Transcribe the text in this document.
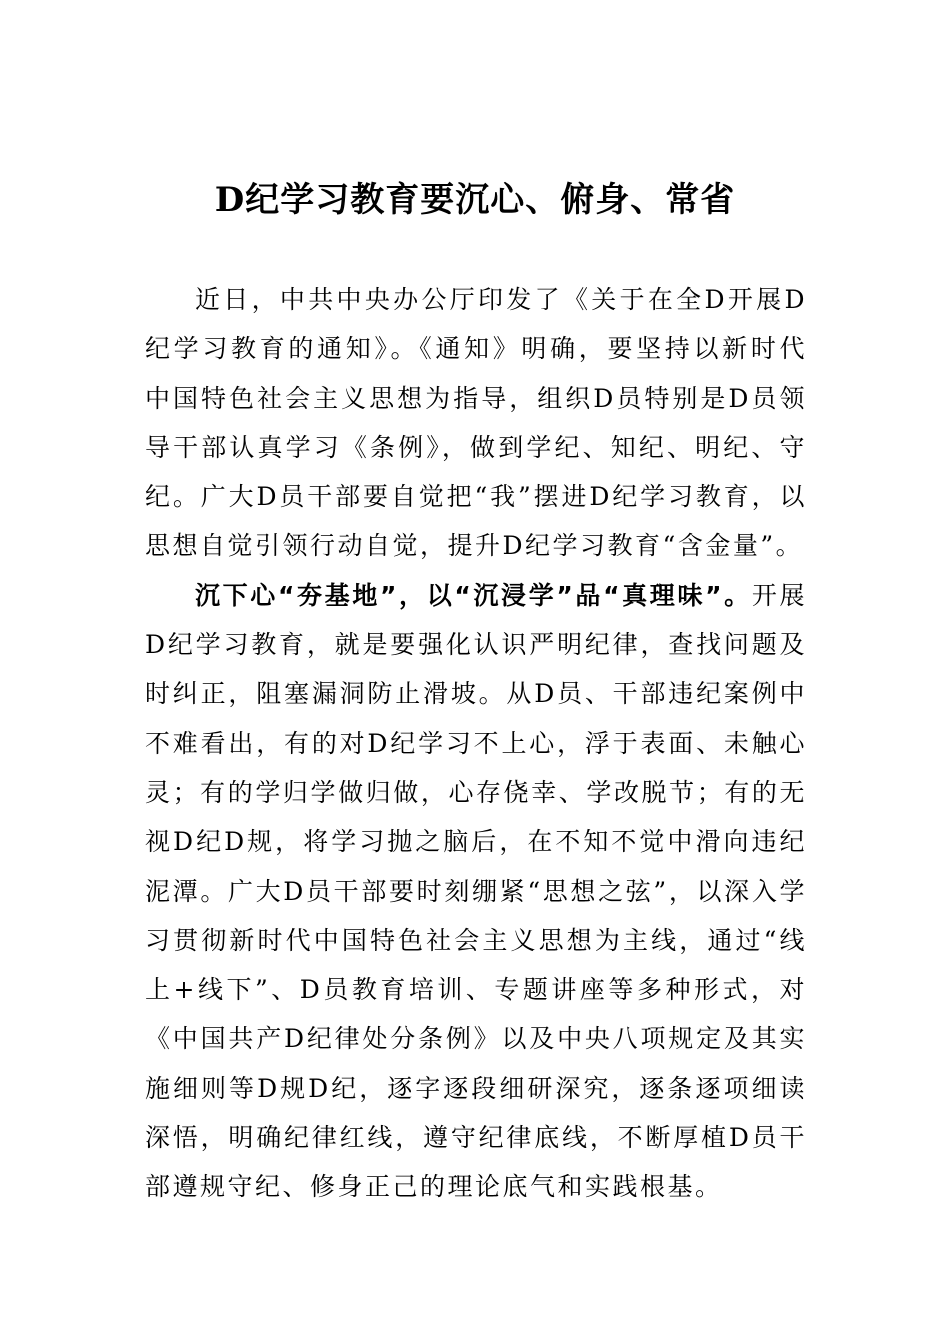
D纪学习教育要沉心、俯身、常省

近日，中共中央办公厅印发了《关于在全D开展D纪学习教育的通知》。《通知》明确，要坚持以新时代中国特色社会主义思想为指导，组织D员特别是D员领导干部认真学习《条例》，做到学纪、知纪、明纪、守纪。广大D员干部要自觉把“我”摆进D纪学习教育，以思想自觉引领行动自觉，提升D纪学习教育“含金量”。

沉下心“夯基地”，以“沉浸学”品“真理味”。开展D纪学习教育，就是要强化认识严明纪律，查找问题及时纠正，阻塞漏洞防止滑坡。从D员、干部违纪案例中不难看出，有的对D纪学习不上心，浮于表面、未触心灵；有的学归学做归做，心存侥幸、学改脱节；有的无视D纪D规，将学习抛之脑后，在不知不觉中滑向违纪泥潭。广大D员干部要时刻绷紧“思想之弦”，以深入学习贯彻新时代中国特色社会主义思想为主线，通过“线上+线下”、D员教育培训、专题讲座等多种形式，对《中国共产D纪律处分条例》以及中央八项规定及其实施细则等D规D纪，逐字逐段细研深究，逐条逐项细读深悟，明确纪律红线，遵守纪律底线，不断厚植D员干部遵规守纪、修身正己的理论底气和实践根基。
